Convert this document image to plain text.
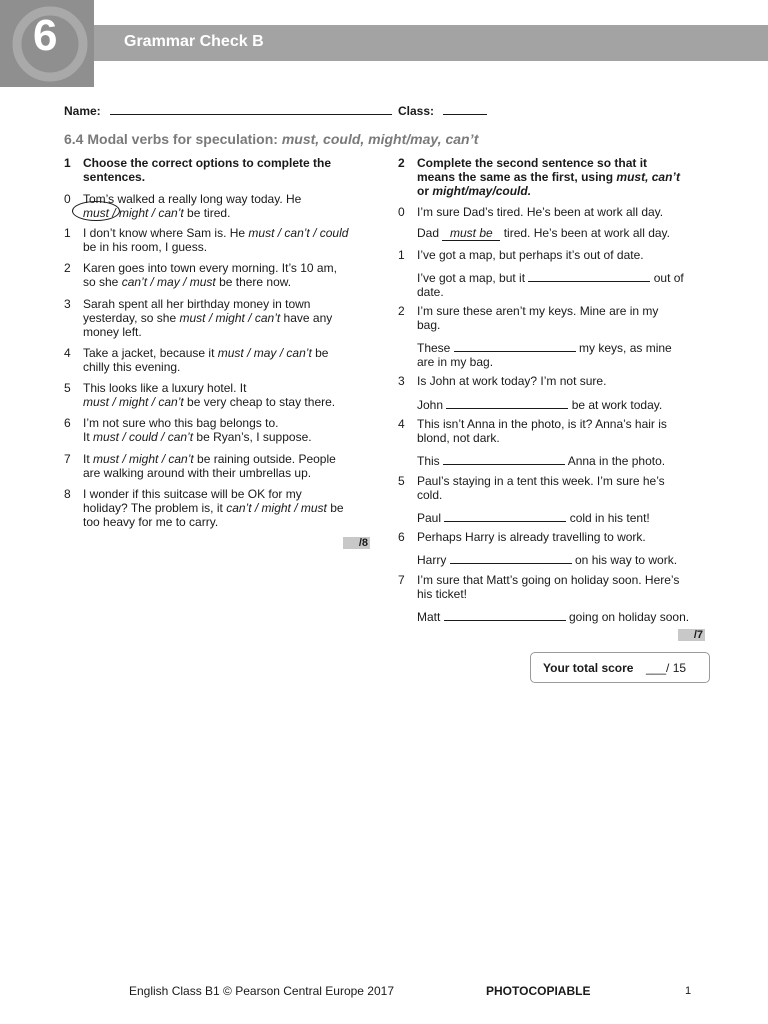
6	Grammar Check B
Name:	Class:
6.4 Modal verbs for speculation: must, could, might/may, can’t
1 Choose the correct options to complete the
sentences.
0 Tom’s walked a really long way today. He
must / might / can’t be tired.
1 I don’t know where Sam is. He must / can’t / could
be in his room, I guess.
2 Karen goes into town every morning. It’s 10 am,
so she can’t / may / must be there now.
3 Sarah spent all her birthday money in town
yesterday, so she must / might / can’t have any
money left.
4 Take a jacket, because it must / may / can’t be
chilly this evening.
5 This looks like a luxury hotel. It
must / might / can’t be very cheap to stay there.
6 I’m not sure who this bag belongs to.
It must / could / can’t be Ryan’s, I suppose.
7 It must / might / can’t be raining outside. People
are walking around with their umbrellas up.
8 I wonder if this suitcase will be OK for my
holiday? The problem is, it can’t / might / must be
too heavy for me to carry.
/8
2 Complete the second sentence so that it
means the same as the first, using must, can’t
or might/may/could.
0 I’m sure Dad’s tired. He’s been at work all day.
Dad must be tired. He’s been at work all day.
1 I’ve got a map, but perhaps it’s out of date.
I’ve got a map, but it	out of
date.
2 I’m sure these aren’t my keys. Mine are in my
bag.
These	my keys, as mine
are in my bag.
3 Is John at work today? I’m not sure.
John	be at work today.
4 This isn’t Anna in the photo, is it? Anna’s hair is
blond, not dark.
This	Anna in the photo.
5 Paul’s staying in a tent this week. I’m sure he’s
cold.
Paul	cold in his tent!
6 Perhaps Harry is already travelling to work.
Harry	on his way to work.
7 I’m sure that Matt’s going on holiday soon. Here’s
his ticket!
Matt	going on holiday soon.
/7
Your total score ___/ 15
English Class B1 © Pearson Central Europe 2017	PHOTOCOPIABLE	1
